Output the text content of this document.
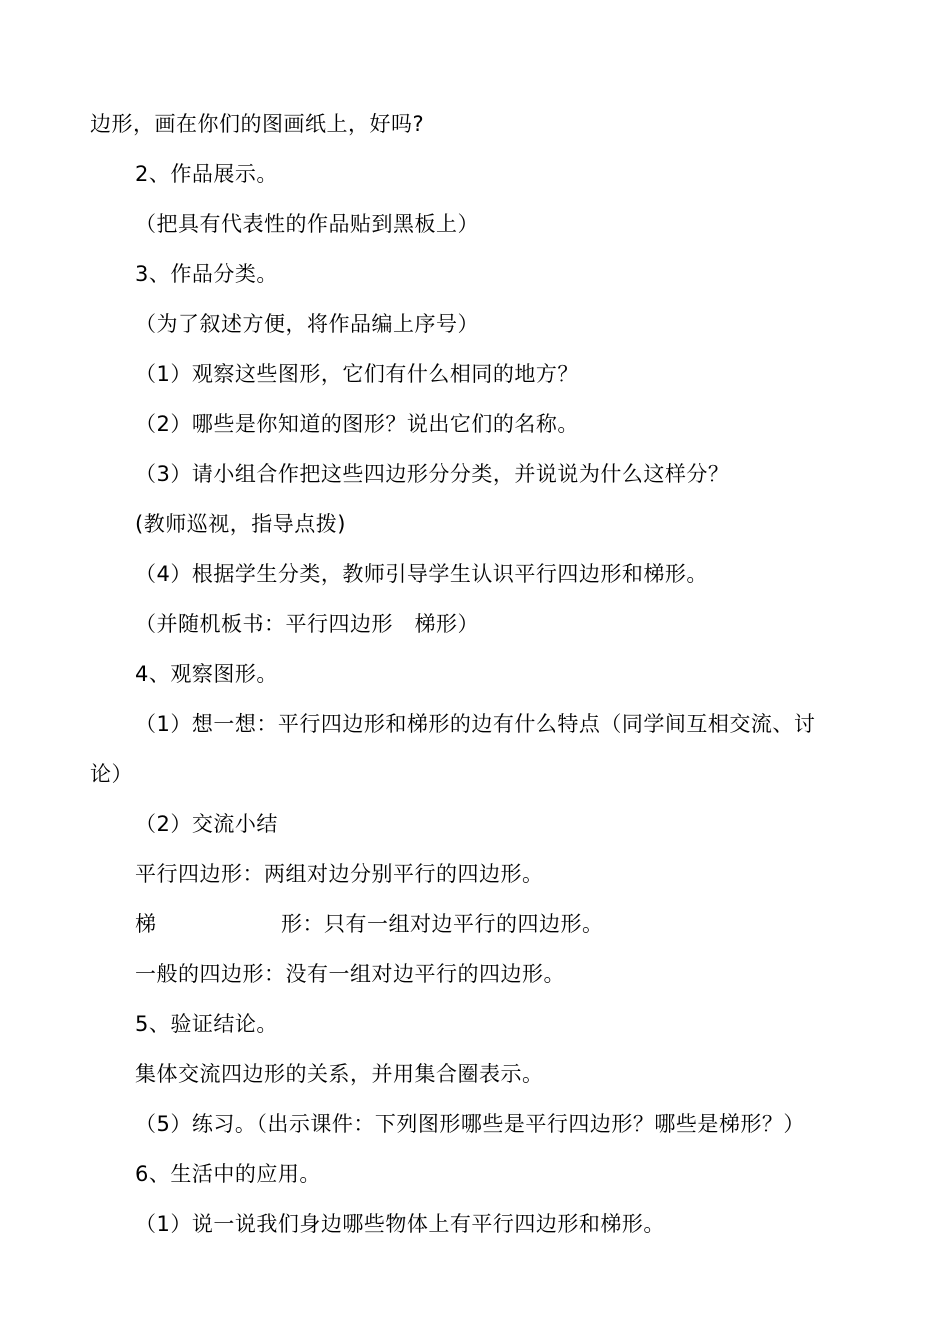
边形，画在你们的图画纸上，好吗?
2、作品展示。
（把具有代表性的作品贴到黑板上）
3、作品分类。
（为了叙述方便，将作品编上序号）
（1）观察这些图形，它们有什么相同的地方？
（2）哪些是你知道的图形？说出它们的名称。
（3）请小组合作把这些四边形分分类，并说说为什么这样分？
(教师巡视，指导点拨)
（4）根据学生分类，教师引导学生认识平行四边形和梯形。
（并随机板书：平行四边形　梯形）
4、观察图形。
（1）想一想：平行四边形和梯形的边有什么特点（同学间互相交流、讨
论）
（2）交流小结
平行四边形：两组对边分别平行的四边形。
梯	形：只有一组对边平行的四边形。
一般的四边形：没有一组对边平行的四边形。
5、验证结论。
集体交流四边形的关系，并用集合圈表示。
（5）练习。（出示课件：下列图形哪些是平行四边形？哪些是梯形？）
6、生活中的应用。
（1）说一说我们身边哪些物体上有平行四边形和梯形。
